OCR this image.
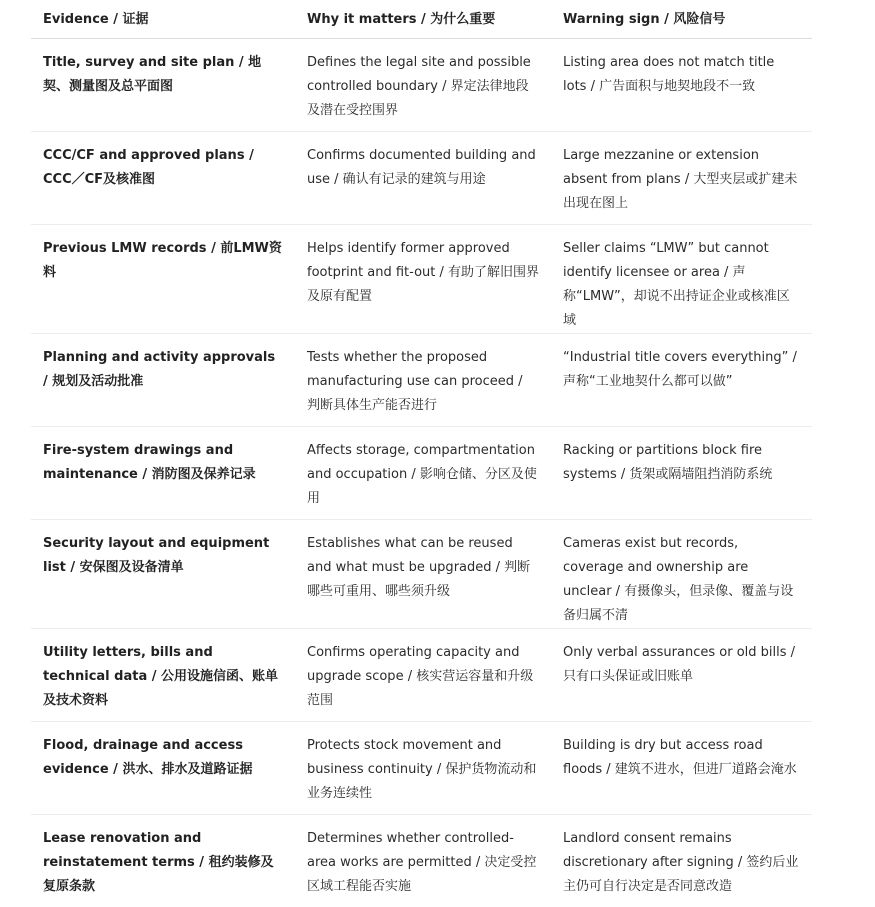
Evidence / 证据	Why it matters / 为什么重要	Warning sign / 风险信号
Title, survey and site plan / 地契、测量图及总平面图	Defines the legal site and possible controlled boundary / 界定法律地段及潜在受控围界	Listing area does not match title lots / 广告面积与地契地段不一致
CCC/CF and approved plans / CCC／CF及核准图	Confirms documented building and use / 确认有记录的建筑与用途	Large mezzanine or extension absent from plans / 大型夹层或扩建未出现在图上
Previous LMW records / 前LMW资料	Helps identify former approved footprint and fit-out / 有助了解旧围界及原有配置	Seller claims “LMW” but cannot identify licensee or area / 声称“LMW”，却说不出持证企业或核准区域
Planning and activity approvals / 规划及活动批准	Tests whether the proposed manufacturing use can proceed / 判断具体生产能否进行	“Industrial title covers everything” / 声称“工业地契什么都可以做”
Fire-system drawings and maintenance / 消防图及保养记录	Affects storage, compartmentation and occupation / 影响仓储、分区及使用	Racking or partitions block fire systems / 货架或隔墙阻挡消防系统
Security layout and equipment list / 安保图及设备清单	Establishes what can be reused and what must be upgraded / 判断哪些可重用、哪些须升级	Cameras exist but records, coverage and ownership are unclear / 有摄像头，但录像、覆盖与设备归属不清
Utility letters, bills and technical data / 公用设施信函、账单及技术资料	Confirms operating capacity and upgrade scope / 核实营运容量和升级范围	Only verbal assurances or old bills / 只有口头保证或旧账单
Flood, drainage and access evidence / 洪水、排水及道路证据	Protects stock movement and business continuity / 保护货物流动和业务连续性	Building is dry but access road floods / 建筑不进水，但进厂道路会淹水
Lease renovation and reinstatement terms / 租约装修及复原条款	Determines whether controlled-area works are permitted / 决定受控区域工程能否实施	Landlord consent remains discretionary after signing / 签约后业主仍可自行决定是否同意改造
